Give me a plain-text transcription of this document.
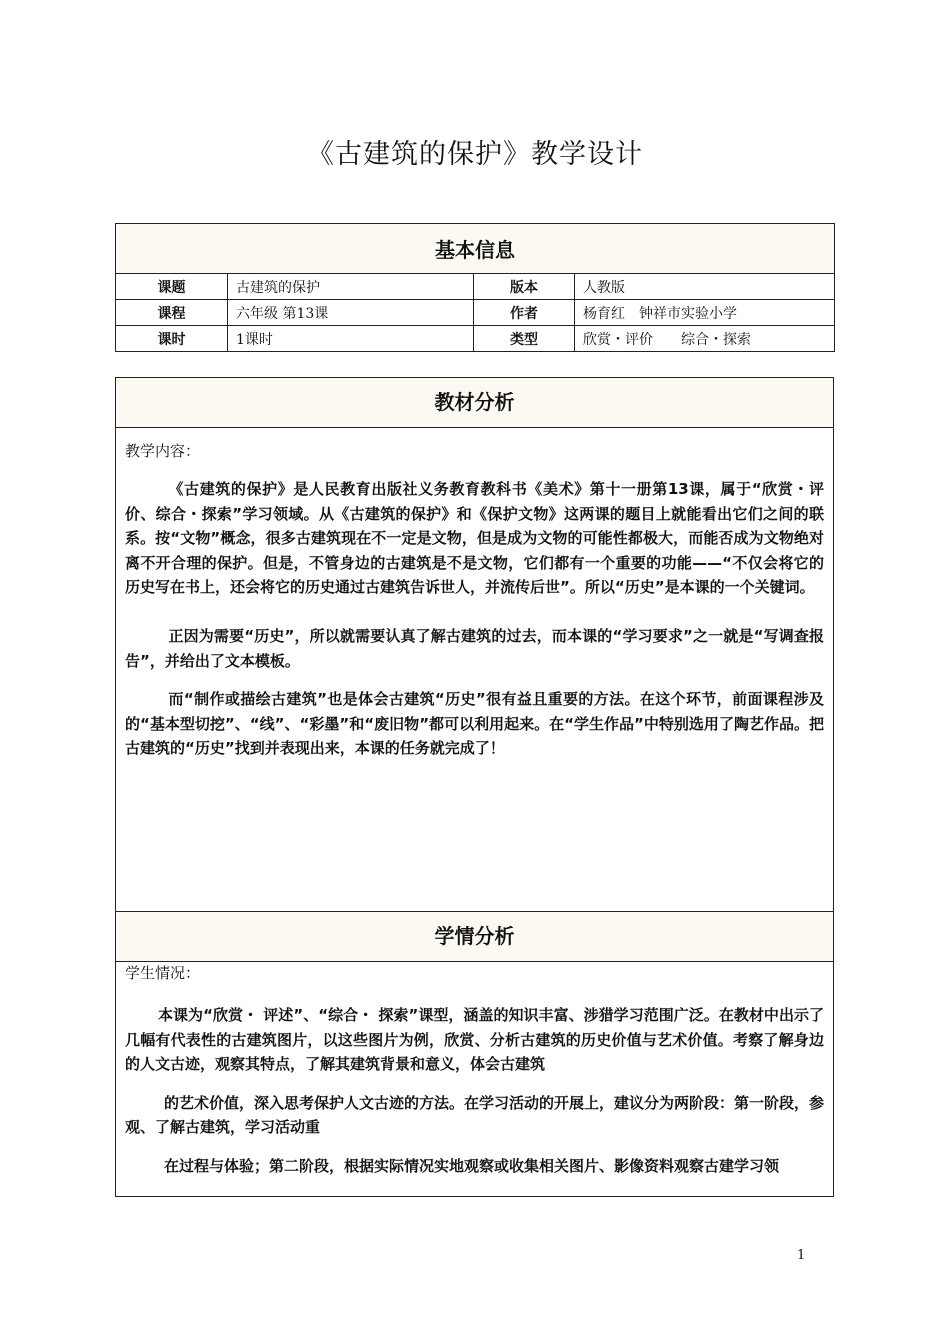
《古建筑的保护》教学设计
基本信息			
课题	古建筑的保护	版本	人教版
课程	六年级 第13课	作者	杨育红　钟祥市实验小学
课时	1课时	类型	欣赏・评价　　综合・探索
教材分析
教学内容：

《古建筑的保护》是人民教育出版社义务教育教科书《美术》第十一册第13课，属于“欣赏・评价、综合・探索”学习领域。从《古建筑的保护》和《保护文物》这两课的题目上就能看出它们之间的联系。按“文物”概念，很多古建筑现在不一定是文物，但是成为文物的可能性都极大，而能否成为文物绝对离不开合理的保护。但是，不管身边的古建筑是不是文物，它们都有一个重要的功能——“不仅会将它的历史写在书上，还会将它的历史通过古建筑告诉世人，并流传后世”。所以“历史”是本课的一个关键词。

正因为需要“历史”，所以就需要认真了解古建筑的过去，而本课的“学习要求”之一就是“写调查报告”，并给出了文本模板。

而“制作或描绘古建筑”也是体会古建筑“历史”很有益且重要的方法。在这个环节，前面课程涉及的“基本型切挖”、“线”、“彩墨”和“废旧物”都可以利用起来。在“学生作品”中特别选用了陶艺作品。把古建筑的“历史”找到并表现出来，本课的任务就完成了！

学情分析
学生情况：

本课为“欣赏・ 评述”、“综合・ 探索”课型，涵盖的知识丰富、涉猎学习范围广泛。在教材中出示了几幅有代表性的古建筑图片，以这些图片为例，欣赏、分析古建筑的历史价值与艺术价值。考察了解身边的人文古迹，观察其特点，了解其建筑背景和意义，体会古建筑

的艺术价值，深入思考保护人文古迹的方法。在学习活动的开展上，建议分为两阶段：第一阶段，参观、了解古建筑，学习活动重

在过程与体验；第二阶段，根据实际情况实地观察或收集相关图片、影像资料观察古建学习领

1
